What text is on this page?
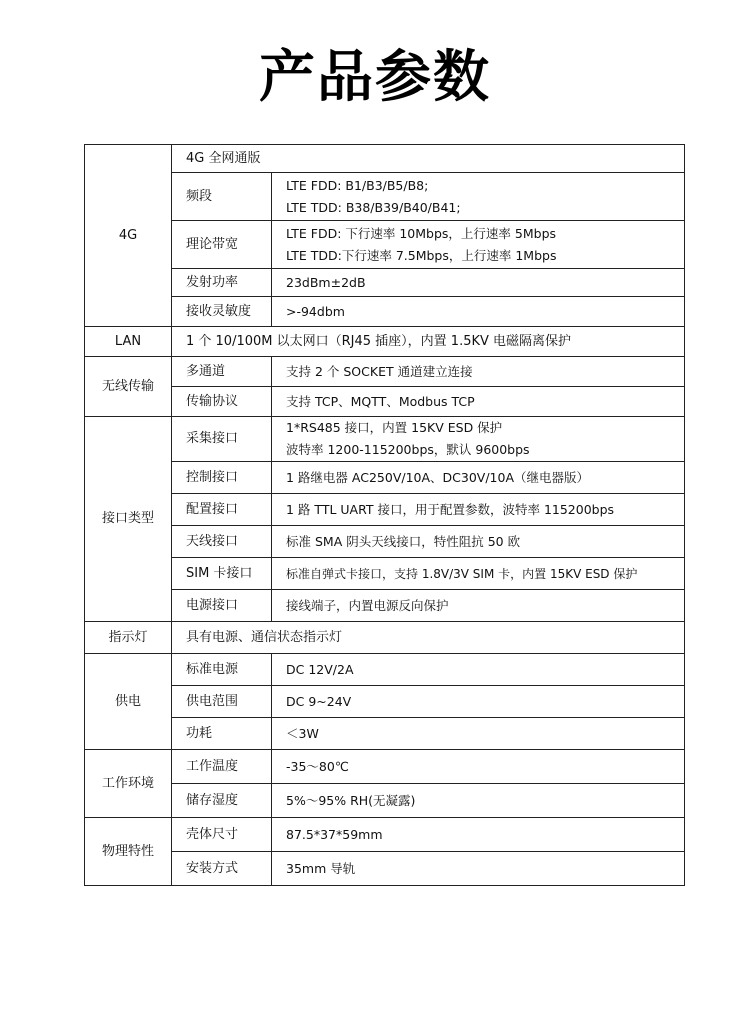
产品参数
4G	4G 全网通版	
	频段	LTE FDD: B1/B3/B5/B8;
LTE TDD: B38/B39/B40/B41;

	理论带宽	LTE FDD: 下行速率 10Mbps，上行速率 5Mbps
LTE TDD:下行速率 7.5Mbps，上行速率 1Mbps

	发射功率	23dBm±2dB
	接收灵敏度	>-94dbm
LAN	1 个 10/100M 以太网口（RJ45 插座），内置 1.5KV 电磁隔离保护	
无线传输	多通道	支持 2 个 SOCKET 通道建立连接
	传输协议	支持 TCP、MQTT、Modbus TCP
接口类型	采集接口	1*RS485 接口，内置 15KV ESD 保护
波特率 1200-115200bps，默认 9600bps

	控制接口	1 路继电器 AC250V/10A、DC30V/10A（继电器版）
	配置接口	1 路 TTL UART 接口，用于配置参数，波特率 115200bps
	天线接口	标准 SMA 阴头天线接口，特性阻抗 50 欧
	SIM 卡接口	标准自弹式卡接口，支持 1.8V/3V SIM 卡，内置 15KV ESD 保护
	电源接口	接线端子，内置电源反向保护
指示灯	具有电源、通信状态指示灯	
供电	标准电源	DC 12V/2A
	供电范围	DC 9~24V
	功耗	＜3W
工作环境	工作温度	-35～80℃
	储存湿度	5%～95% RH(无凝露)
物理特性	壳体尺寸	87.5*37*59mm
	安装方式	35mm 导轨
